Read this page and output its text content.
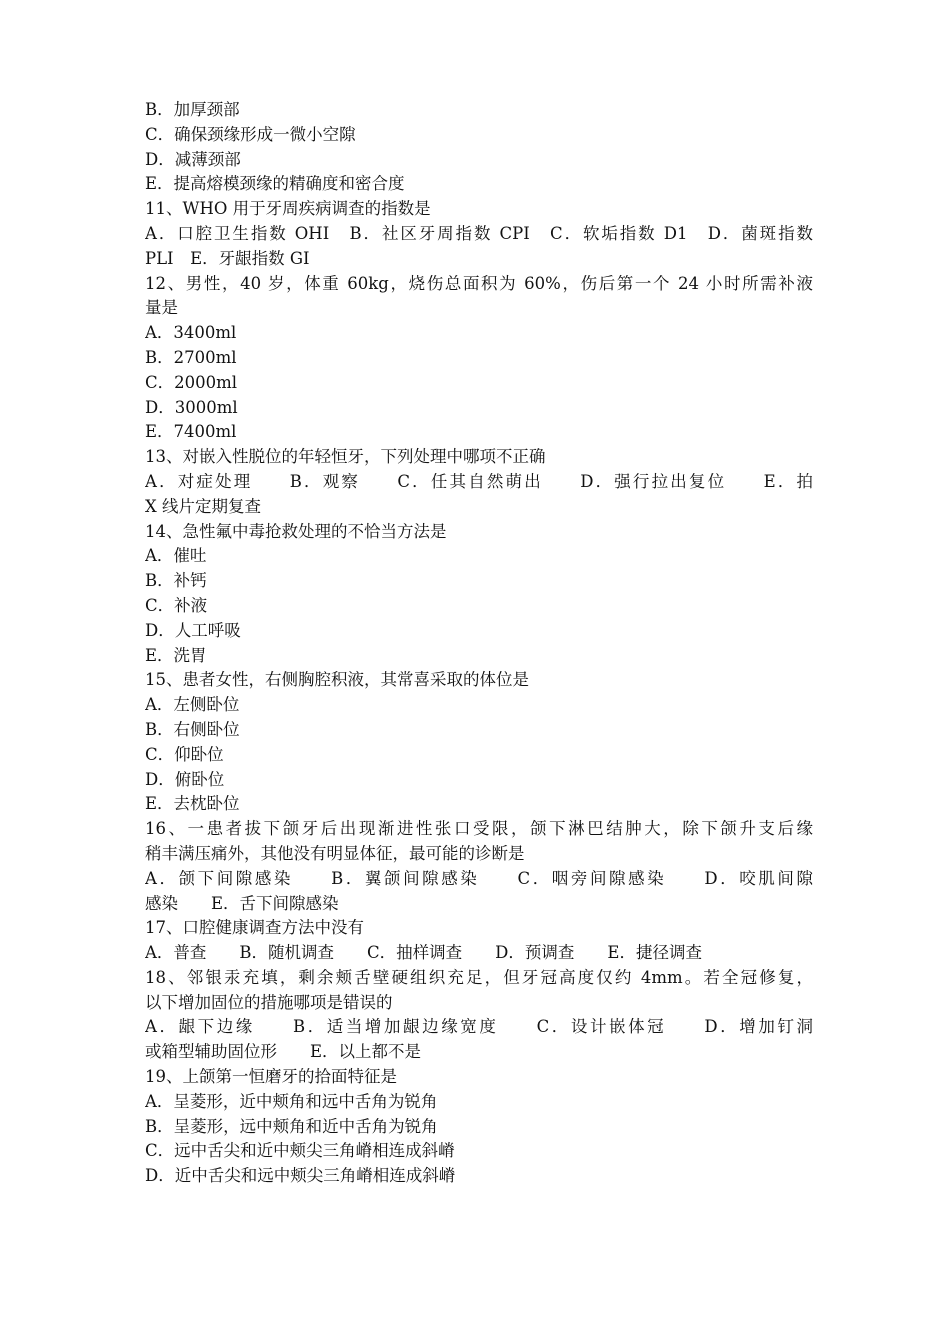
B．加厚颈部

C．确保颈缘形成一微小空隙

D．减薄颈部

E．提高熔模颈缘的精确度和密合度

11、WHO 用于牙周疾病调查的指数是

A．口腔卫生指数 OHI　B．社区牙周指数 CPI　C．软垢指数 D1　D．菌斑指数

PLI　E．牙龈指数 GI

12、男性，40 岁，体重 60kg，烧伤总面积为 60%，伤后第一个 24 小时所需补液

量是

A．3400ml

B．2700ml

C．2000ml

D．3000ml

E．7400ml

13、对嵌入性脱位的年轻恒牙，下列处理中哪项不正确

A．对症处理　　B．观察　　C．任其自然萌出　　D．强行拉出复位　　E．拍

X 线片定期复查

14、急性氟中毒抢救处理的不恰当方法是

A．催吐

B．补钙

C．补液

D．人工呼吸

E．洗胃

15、患者女性，右侧胸腔积液，其常喜采取的体位是

A．左侧卧位

B．右侧卧位

C．仰卧位

D．俯卧位

E．去枕卧位

16、一患者拔下颌牙后出现渐进性张口受限，颌下淋巴结肿大，除下颌升支后缘

稍丰满压痛外，其他没有明显体征，最可能的诊断是

A．颌下间隙感染　　B．翼颌间隙感染　　C．咽旁间隙感染　　D．咬肌间隙

感染　　E．舌下间隙感染

17、口腔健康调查方法中没有

A．普查　　B．随机调查　　C．抽样调查　　D．预调查　　E．捷径调查

18、邻银汞充填，剩余颊舌壁硬组织充足，但牙冠高度仅约 4mm。若全冠修复，

以下增加固位的措施哪项是错误的

A．龈下边缘　　B．适当增加龈边缘宽度　　C．设计嵌体冠　　D．增加钉洞

或箱型辅助固位形　　E．以上都不是

19、上颌第一恒磨牙的拾面特征是

A．呈菱形，近中颊角和远中舌角为锐角

B．呈菱形，远中颊角和近中舌角为锐角

C．远中舌尖和近中颊尖三角嵴相连成斜嵴

D．近中舌尖和远中颊尖三角嵴相连成斜嵴
